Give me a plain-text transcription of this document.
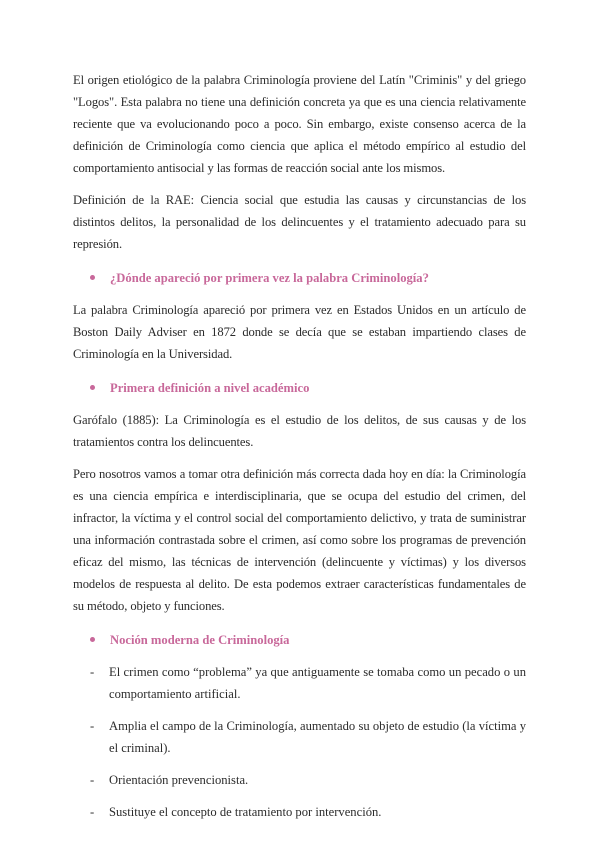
El origen etiológico de la palabra Criminología proviene del Latín "Criminis" y del griego "Logos". Esta palabra no tiene una definición concreta ya que es una ciencia relativamente reciente que va evolucionando poco a poco. Sin embargo, existe consenso acerca de la definición de Criminología como ciencia que aplica el método empírico al estudio del comportamiento antisocial y las formas de reacción social ante los mismos.

Definición de la RAE: Ciencia social que estudia las causas y circunstancias de los distintos delitos, la personalidad de los delincuentes y el tratamiento adecuado para su represión.

¿Dónde apareció por primera vez la palabra Criminología?

La palabra Criminología apareció por primera vez en Estados Unidos en un artículo de Boston Daily Adviser en 1872 donde se decía que se estaban impartiendo clases de Criminología en la Universidad.

Primera definición a nivel académico

Garófalo (1885): La Criminología es el estudio de los delitos, de sus causas y de los tratamientos contra los delincuentes.

Pero nosotros vamos a tomar otra definición más correcta dada hoy en día: la Criminología es una ciencia empírica e interdisciplinaria, que se ocupa del estudio del crimen, del infractor, la víctima y el control social del comportamiento delictivo, y trata de suministrar una información contrastada sobre el crimen, así como sobre los programas de prevención eficaz del mismo, las técnicas de intervención (delincuente y víctimas) y los diversos modelos de respuesta al delito. De esta podemos extraer características fundamentales de su método, objeto y funciones.

Noción moderna de Criminología
- El crimen como “problema” ya que antiguamente se tomaba como un pecado o un comportamiento artificial.
- Amplia el campo de la Criminología, aumentado su objeto de estudio (la víctima y el criminal).
- Orientación prevencionista.
- Sustituye el concepto de tratamiento por intervención.
